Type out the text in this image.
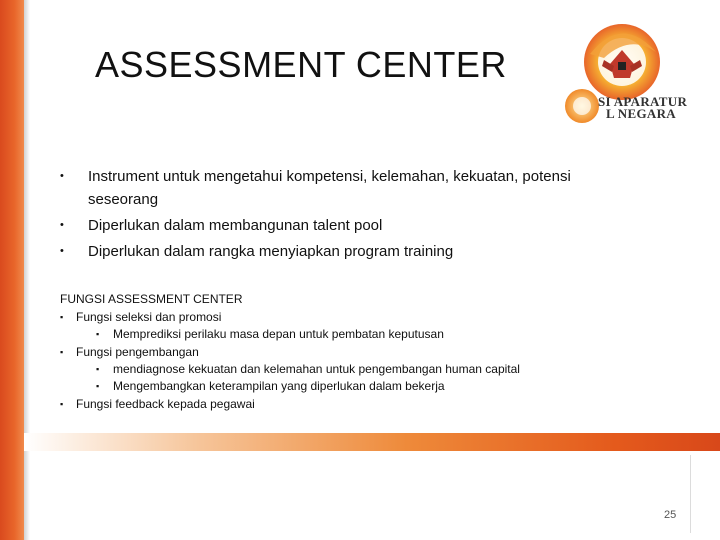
ASSESSMENT CENTER
SI APARATUR
L NEGARA
•	Instrument untuk mengetahui kompetensi, kelemahan, kekuatan, potensi seseorang
•	Diperlukan dalam membangunan talent pool
•	Diperlukan dalam rangka menyiapkan program training
FUNGSI ASSESSMENT CENTER
▪ Fungsi seleksi dan promosi
▪ Memprediksi perilaku masa depan untuk pembatan keputusan
▪ Fungsi pengembangan
▪ mendiagnose kekuatan dan kelemahan untuk pengembangan human capital
▪ Mengembangkan keterampilan yang diperlukan dalam bekerja
▪ Fungsi feedback kepada pegawai
25
